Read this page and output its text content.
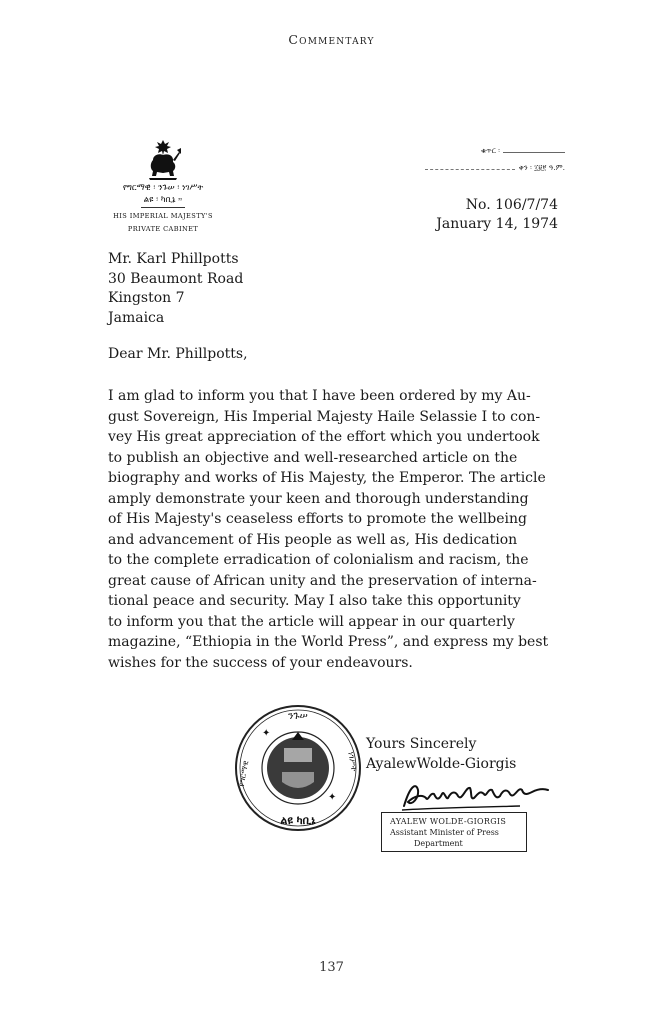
Commentary
የግርማዊ ፡ ንጉሠ ፡ ነገሥት
ልዩ ፡ ካቢኔ ።
HIS IMPERIAL MAJESTY'S
PRIVATE CABINET
ቁጥር ፡
ቀን ፡ ፲፱፻ ዓ.ም.
No. 106/7/74
January 14, 1974
Mr. Karl Phillpotts
30 Beaumont Road
Kingston 7
Jamaica
Dear Mr. Phillpotts,
I am glad to inform you that I have been ordered by my Au-
gust Sovereign, His Imperial Majesty Haile Selassie I to con-
vey His great appreciation of the effort which you undertook
to publish an objective and well-researched article on the
biography and works of His Majesty, the Emperor. The article
amply demonstrate your keen and thorough understanding
of His Majesty's ceaseless efforts to promote the wellbeing
and advancement of His people as well as, His dedication
to the complete erradication of colonialism and racism, the
great cause of African unity and the preservation of interna-
tional peace and security. May I also take this opportunity
to inform you that the article will appear in our quarterly
magazine, “Ethiopia in the World Press”, and express my best
wishes for the success of your endeavours.
ንጉሠ
የግርማዊ	ነገሥት
ልዩ ካቢኔ
✦
✦
Yours Sincerely
AyalewWolde-Giorgis
AYALEW WOLDE-GIORGIS
Assistant Minister of Press
Department
137
